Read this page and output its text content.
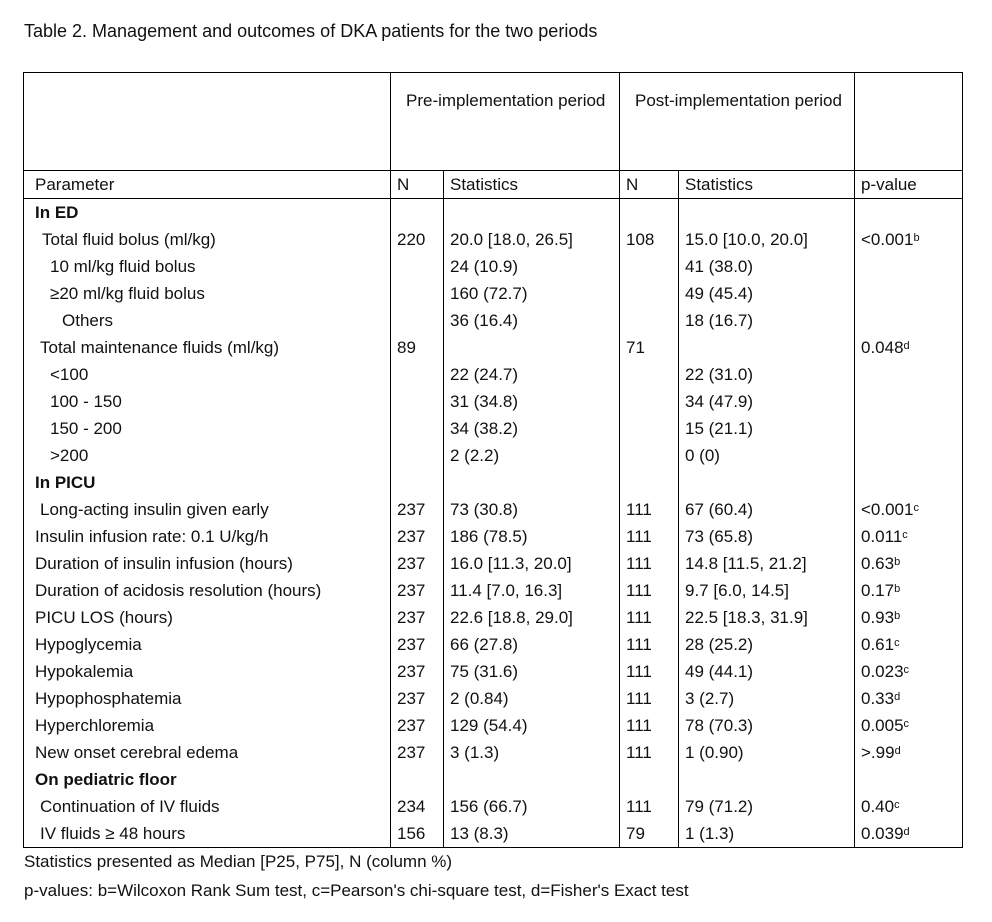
Table 2. Management and outcomes of DKA patients for the two periods
	Pre-implementation period		Post-implementation period		
Parameter	N	Statistics	N	Statistics	p-value
In ED					
Total fluid bolus (ml/kg)	220	20.0 [18.0, 26.5]	108	15.0 [10.0, 20.0]	<0.001$^b$
10 ml/kg fluid bolus		24 (10.9)		41 (38.0)	
≥20 ml/kg fluid bolus		160 (72.7)		49 (45.4)	
Others		36 (16.4)		18 (16.7)	
Total maintenance fluids (ml/kg)	89		71		0.048$^d$
<100		22 (24.7)		22 (31.0)	
100 - 150		31 (34.8)		34 (47.9)	
150 - 200		34 (38.2)		15 (21.1)	
>200		2 (2.2)		0 (0)	
In PICU					
Long-acting insulin given early	237	73 (30.8)	111	67 (60.4)	<0.001$^c$
Insulin infusion rate: 0.1 U/kg/h	237	186 (78.5)	111	73 (65.8)	0.011$^c$
Duration of insulin infusion (hours)	237	16.0 [11.3, 20.0]	111	14.8 [11.5, 21.2]	0.63$^b$
Duration of acidosis resolution (hours)	237	11.4 [7.0, 16.3]	111	9.7 [6.0, 14.5]	0.17$^b$
PICU LOS (hours)	237	22.6 [18.8, 29.0]	111	22.5 [18.3, 31.9]	0.93$^b$
Hypoglycemia	237	66 (27.8)	111	28 (25.2)	0.61$^c$
Hypokalemia	237	75 (31.6)	111	49 (44.1)	0.023$^c$
Hypophosphatemia	237	2 (0.84)	111	3 (2.7)	0.33$^d$
Hyperchloremia	237	129 (54.4)	111	78 (70.3)	0.005$^c$
New onset cerebral edema	237	3 (1.3)	111	1 (0.90)	>.99$^d$
On pediatric floor					
Continuation of IV fluids	234	156 (66.7)	111	79 (71.2)	0.40$^c$
IV fluids ≥ 48 hours	156	13 (8.3)	79	1 (1.3)	0.039$^d$
Statistics presented as Median [P25, P75], N (column %)
p-values: b=Wilcoxon Rank Sum test, c=Pearson's chi-square test, d=Fisher's Exact test
